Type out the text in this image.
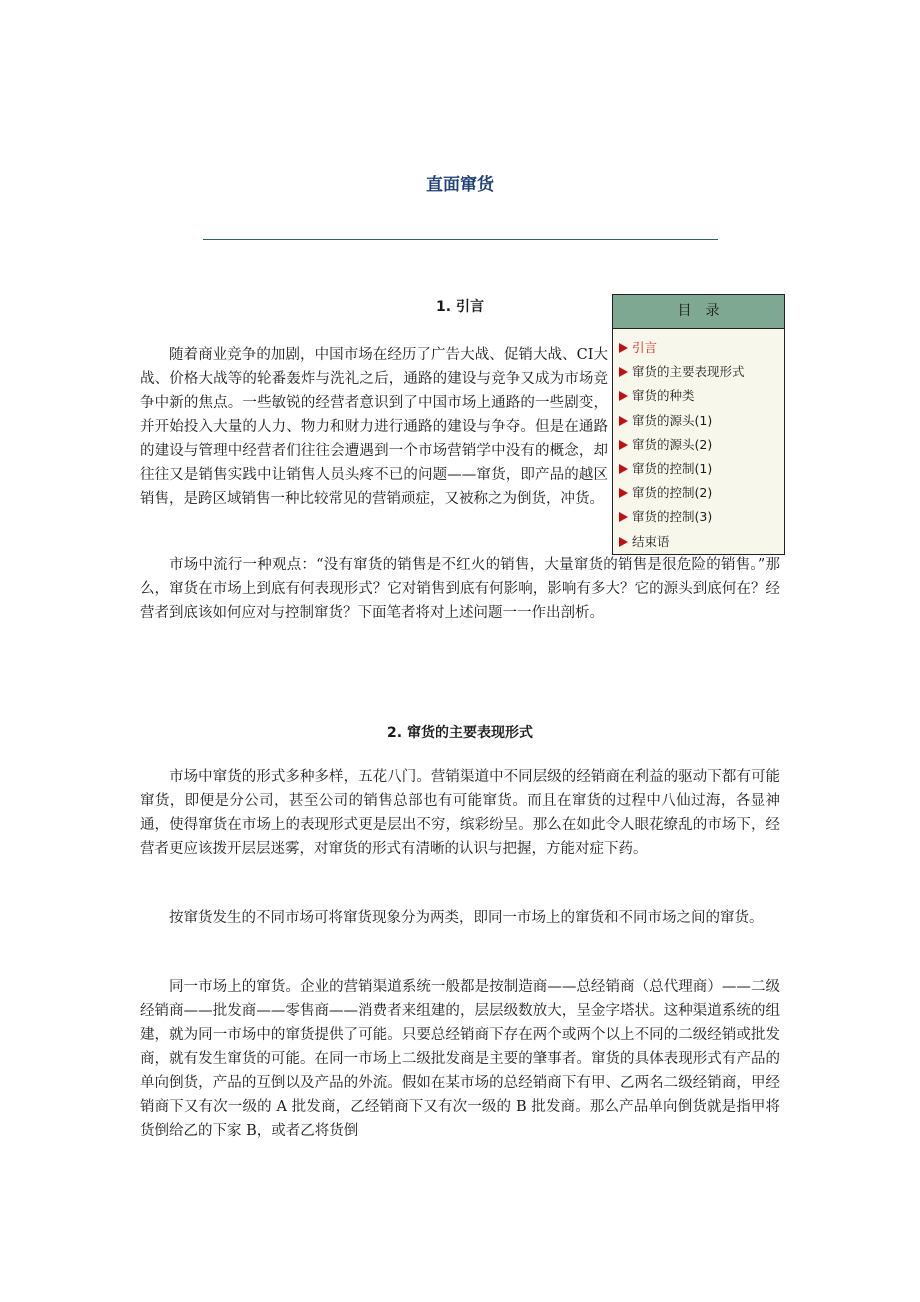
直面窜货
1. 引言

随着商业竞争的加剧，中国市场在经历了广告大战、促销大战、CI大战、价格大战等的轮番轰炸与洗礼之后，通路的建设与竞争又成为市场竞争中新的焦点。一些敏锐的经营者意识到了中国市场上通路的一些剧变，并开始投入大量的人力、物力和财力进行通路的建设与争夺。但是在通路的建设与管理中经营者们往往会遭遇到一个市场营销学中没有的概念，却往往又是销售实践中让销售人员头疼不已的问题——窜货，即产品的越区销售，是跨区域销售一种比较常见的营销顽症，又被称之为倒货，冲货。

市场中流行一种观点：“没有窜货的销售是不红火的销售，大量窜货的销售是很危险的销售。”那么，窜货在市场上到底有何表现形式？它对销售到底有何影响，影响有多大？它的源头到底何在？经营者到底该如何应对与控制窜货？下面笔者将对上述问题一一作出剖析。

目录
引言
窜货的主要表现形式
窜货的种类
窜货的源头(1)
窜货的源头(2)
窜货的控制(1)
窜货的控制(2)
窜货的控制(3)
结束语
2. 窜货的主要表现形式

市场中窜货的形式多种多样，五花八门。营销渠道中不同层级的经销商在利益的驱动下都有可能窜货，即便是分公司，甚至公司的销售总部也有可能窜货。而且在窜货的过程中八仙过海，各显神通，使得窜货在市场上的表现形式更是层出不穷，缤彩纷呈。那么在如此令人眼花缭乱的市场下，经营者更应该拨开层层迷雾，对窜货的形式有清晰的认识与把握，方能对症下药。

按窜货发生的不同市场可将窜货现象分为两类，即同一市场上的窜货和不同市场之间的窜货。

同一市场上的窜货。企业的营销渠道系统一般都是按制造商——总经销商（总代理商）——二级经销商——批发商——零售商——消费者来组建的，层层级数放大，呈金字塔状。这种渠道系统的组建，就为同一市场中的窜货提供了可能。只要总经销商下存在两个或两个以上不同的二级经销或批发商，就有发生窜货的可能。在同一市场上二级批发商是主要的肇事者。窜货的具体表现形式有产品的单向倒货，产品的互倒以及产品的外流。假如在某市场的总经销商下有甲、乙两名二级经销商，甲经销商下又有次一级的 A 批发商，乙经销商下又有次一级的 B 批发商。那么产品单向倒货就是指甲将货倒给乙的下家 B，或者乙将货倒
